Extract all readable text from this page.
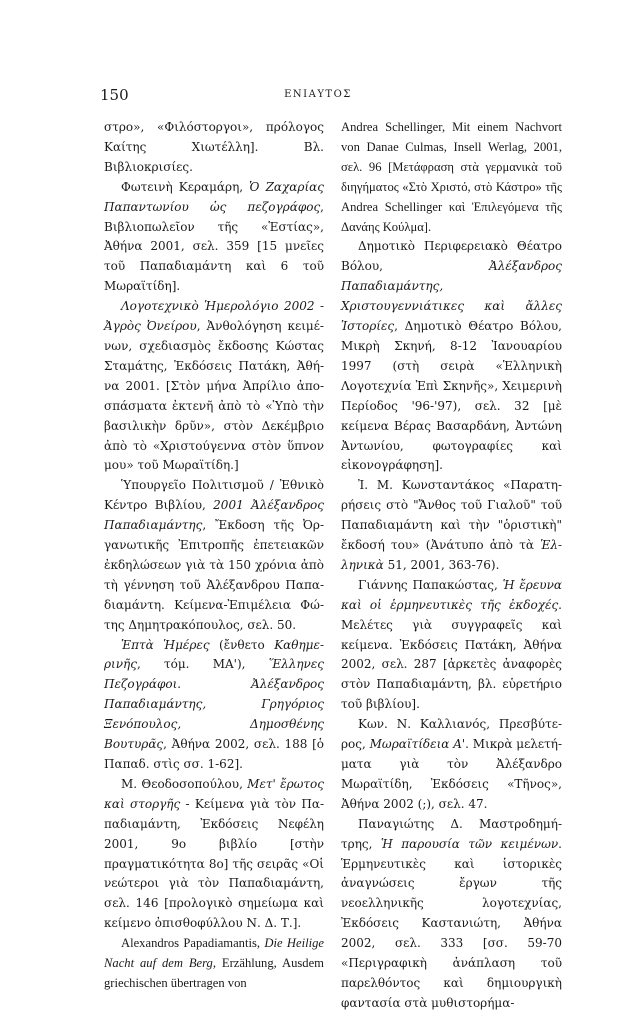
150	ΕΝΙΑΥΤΟΣ

στρο», «Φιλόστοργοι», πρόλογος Καίτης Χιωτέλλη]. Βλ. Βιβλιοκρισίες.

Φωτεινὴ Κεραμάρη, Ὁ Ζαχαρίας Παπαντωνίου ὡς πεζογράφος, Βιβλιοπωλεῖον τῆς «Ἑστίας», Ἀθήνα 2001, σελ. 359 [15 μνεῖες τοῦ Παπαδιαμάντη καὶ 6 τοῦ Μωραϊτίδη].

Λογοτεχνικὸ Ἡμερολόγιο 2002 - Ἀγρὸς Ὀνείρου, Ἀνθολόγηση κειμένων, σχεδιασμὸς ἔκδοσης Κώστας Σταμάτης, Ἐκδόσεις Πατάκη, Ἀθήνα 2001. [Στὸν μήνα Ἀπρίλιο ἀποσπάσματα ἐκτενῆ ἀπὸ τὸ «Ὑπὸ τὴν βασιλικὴν δρῦν», στὸν Δεκέμβριο ἀπὸ τὸ «Χριστούγεννα στὸν ὕπνον μου» τοῦ Μωραϊτίδη.]

Ὑπουργεῖο Πολιτισμοῦ / Ἐθνικὸ Κέντρο Βιβλίου, 2001 Ἀλέξανδρος Παπαδιαμάντης, Ἔκδοση τῆς Ὀργανωτικῆς Ἐπιτροπῆς ἐπετειακῶν ἐκδηλώσεων γιὰ τὰ 150 χρόνια ἀπὸ τὴ γέννηση τοῦ Ἀλέξανδρου Παπαδιαμάντη. Κείμενα-Ἐπιμέλεια Φώτης Δημητρακόπουλος, σελ. 50.

Ἑπτὰ Ἡμέρες (ἔνθετο Καθημερινῆς, τόμ. ΜΑ'), Ἕλληνες Πεζογράφοι. Ἀλέξανδρος Παπαδιαμάντης, Γρηγόριος Ξενόπουλος, Δημοσθένης Βουτυρᾶς, Ἀθήνα 2002, σελ. 188 [ὁ Παπαδ. στὶς σσ. 1-62].

Μ. Θεοδοσοπούλου, Μετ' ἔρωτος καὶ στοργῆς - Κείμενα γιὰ τὸν Παπαδιαμάντη, Ἐκδόσεις Νεφέλη 2001, 9ο βιβλίο [στὴν πραγματικότητα 8ο] τῆς σειρᾶς «Οἱ νεώτεροι γιὰ τὸν Παπαδιαμάντη, σελ. 146 [προλογικὸ σημείωμα καὶ κείμενο ὀπισθοφύλλου Ν. Δ. Τ.].

Alexandros Papadiamantis, Die Heilige Nacht auf dem Berg, Erzählung, Ausdem griechischen übertragen von

Andrea Schellinger, Mit einem Nachvort von Danae Culmas, Insell Werlag, 2001, σελ. 96 [Μετάφραση στὰ γερμανικὰ τοῦ διηγήματος «Στὸ Χριστό, στὸ Κάστρο» τῆς Andrea Schellinger καὶ Ἐπιλεγόμενα τῆς Δανάης Κούλμα].

Δημοτικὸ Περιφερειακὸ Θέατρο Βόλου, Ἀλέξανδρος Παπαδιαμάντης, Χριστουγεννιάτικες καὶ ἄλλες Ἱστορίες, Δημοτικὸ Θέατρο Βόλου, Μικρὴ Σκηνή, 8-12 Ἰανουαρίου 1997 (στὴ σειρὰ «Ἑλληνικὴ Λογοτεχνία Ἐπὶ Σκηνῆς», Χειμερινὴ Περίοδος '96-'97), σελ. 32 [μὲ κείμενα Βέρας Βασαρδάνη, Ἀντώνη Ἀντωνίου, φωτογραφίες καὶ εἰκονογράφηση].

Ἰ. Μ. Κωνσταντάκος «Παρατηρήσεις στὸ "Ἄνθος τοῦ Γιαλοῦ" τοῦ Παπαδιαμάντη καὶ τὴν "ὁριστικὴ" ἔκδοσή του» (Ἀνάτυπο ἀπὸ τὰ Ἑλληνικὰ 51, 2001, 363-76).

Γιάννης Παπακώστας, Ἡ ἔρευνα καὶ οἱ ἑρμηνευτικὲς τῆς ἐκδοχές. Μελέτες γιὰ συγγραφεῖς καὶ κείμενα. Ἐκδόσεις Πατάκη, Ἀθήνα 2002, σελ. 287 [ἀρκετὲς ἀναφορὲς στὸν Παπαδιαμάντη, βλ. εὑρετήριο τοῦ βιβλίου].

Κων. Ν. Καλλιανός, Πρεσβύτερος, Μωραϊτίδεια Α'. Μικρὰ μελετήματα γιὰ τὸν Ἀλέξανδρο Μωραϊτίδη, Ἐκδόσεις «Τῆνος», Ἀθήνα 2002 (;), σελ. 47.

Παναγιώτης Δ. Μαστροδημήτρης, Ἡ παρουσία τῶν κειμένων. Ἑρμηνευτικὲς καὶ ἱστορικὲς ἀναγνώσεις ἔργων τῆς νεοελληνικῆς λογοτεχνίας, Ἐκδόσεις Καστανιώτη, Ἀθήνα 2002, σελ. 333 [σσ. 59-70 «Περιγραφικὴ ἀνάπλαση τοῦ παρελθόντος καὶ δημιουργικὴ φαντασία στὰ μυθιστορήμα-
